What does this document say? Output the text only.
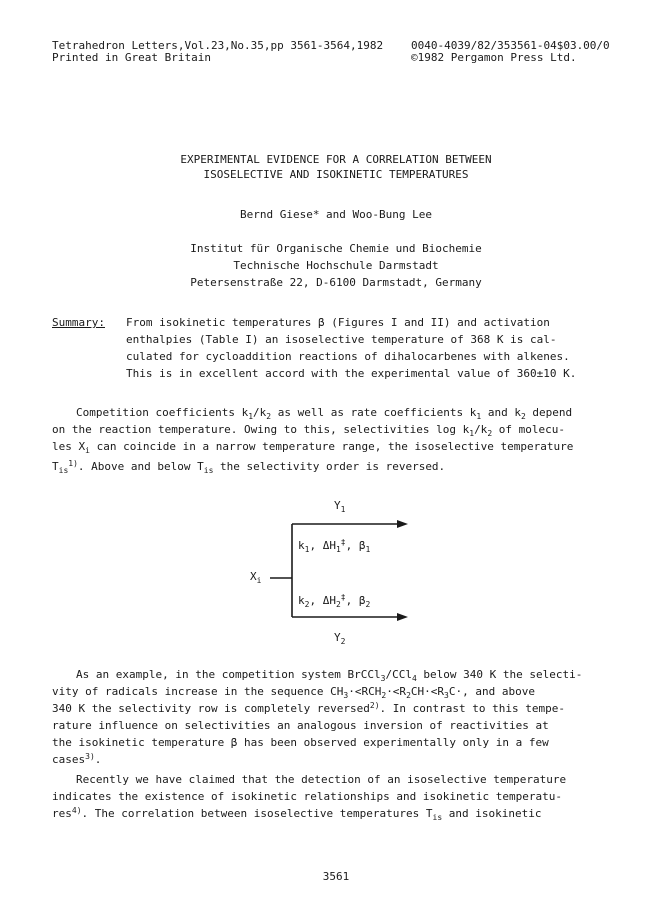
Tetrahedron Letters,Vol.23,No.35,pp 3561-3564,1982	0040-4039/82/353561-04$03.00/0
Printed in Great Britain	©1982 Pergamon Press Ltd.
EXPERIMENTAL EVIDENCE FOR A CORRELATION BETWEEN
ISOSELECTIVE AND ISOKINETIC TEMPERATURES
Bernd Giese* and Woo-Bung Lee
Institut für Organische Chemie und Biochemie
Technische Hochschule Darmstadt
Petersenstraße 22, D-6100 Darmstadt, Germany
Summary: From isokinetic temperatures β (Figures I and II) and activation
enthalpies (Table I) an isoselective temperature of 368 K is cal-
culated for cycloaddition reactions of dihalocarbenes with alkenes.
This is in excellent accord with the experimental value of 360±10 K.
Competition coefficients $k_1/k_2$ as well as rate coefficients $k_1$ and $k_2$ depend
on the reaction temperature. Owing to this, selectivities $\log k_1/k_2$ of molecu-
les $X_i$ can coincide in a narrow temperature range, the isoselective temperature
$T_{is}^{1)}$. Above and below $T_{is}$ the selectivity order is reversed.
$Y_1$
$k_1$, $\Delta H_1^\ddagger$, $\beta_1$
$X_i$
$k_2$, $\Delta H_2^\ddagger$, $\beta_2$
$Y_2$
As an example, in the competition system BrCCl$_3$/CCl$_4$ below 340 K the selecti-
vity of radicals increase in the sequence $CH_3\cdot<RCH_2\cdot<R_2CH\cdot<R_3C\cdot$, and above
340 K the selectivity row is completely reversed$^{2)}$. In contrast to this tempe-
rature influence on selectivities an analogous inversion of reactivities at
the isokinetic temperature β has been observed experimentally only in a few
cases$^{3)}$.
Recently we have claimed that the detection of an isoselective temperature
indicates the existence of isokinetic relationships and isokinetic temperatu-
res$^{4)}$. The correlation between isoselective temperatures $T_{is}$ and isokinetic
3561
